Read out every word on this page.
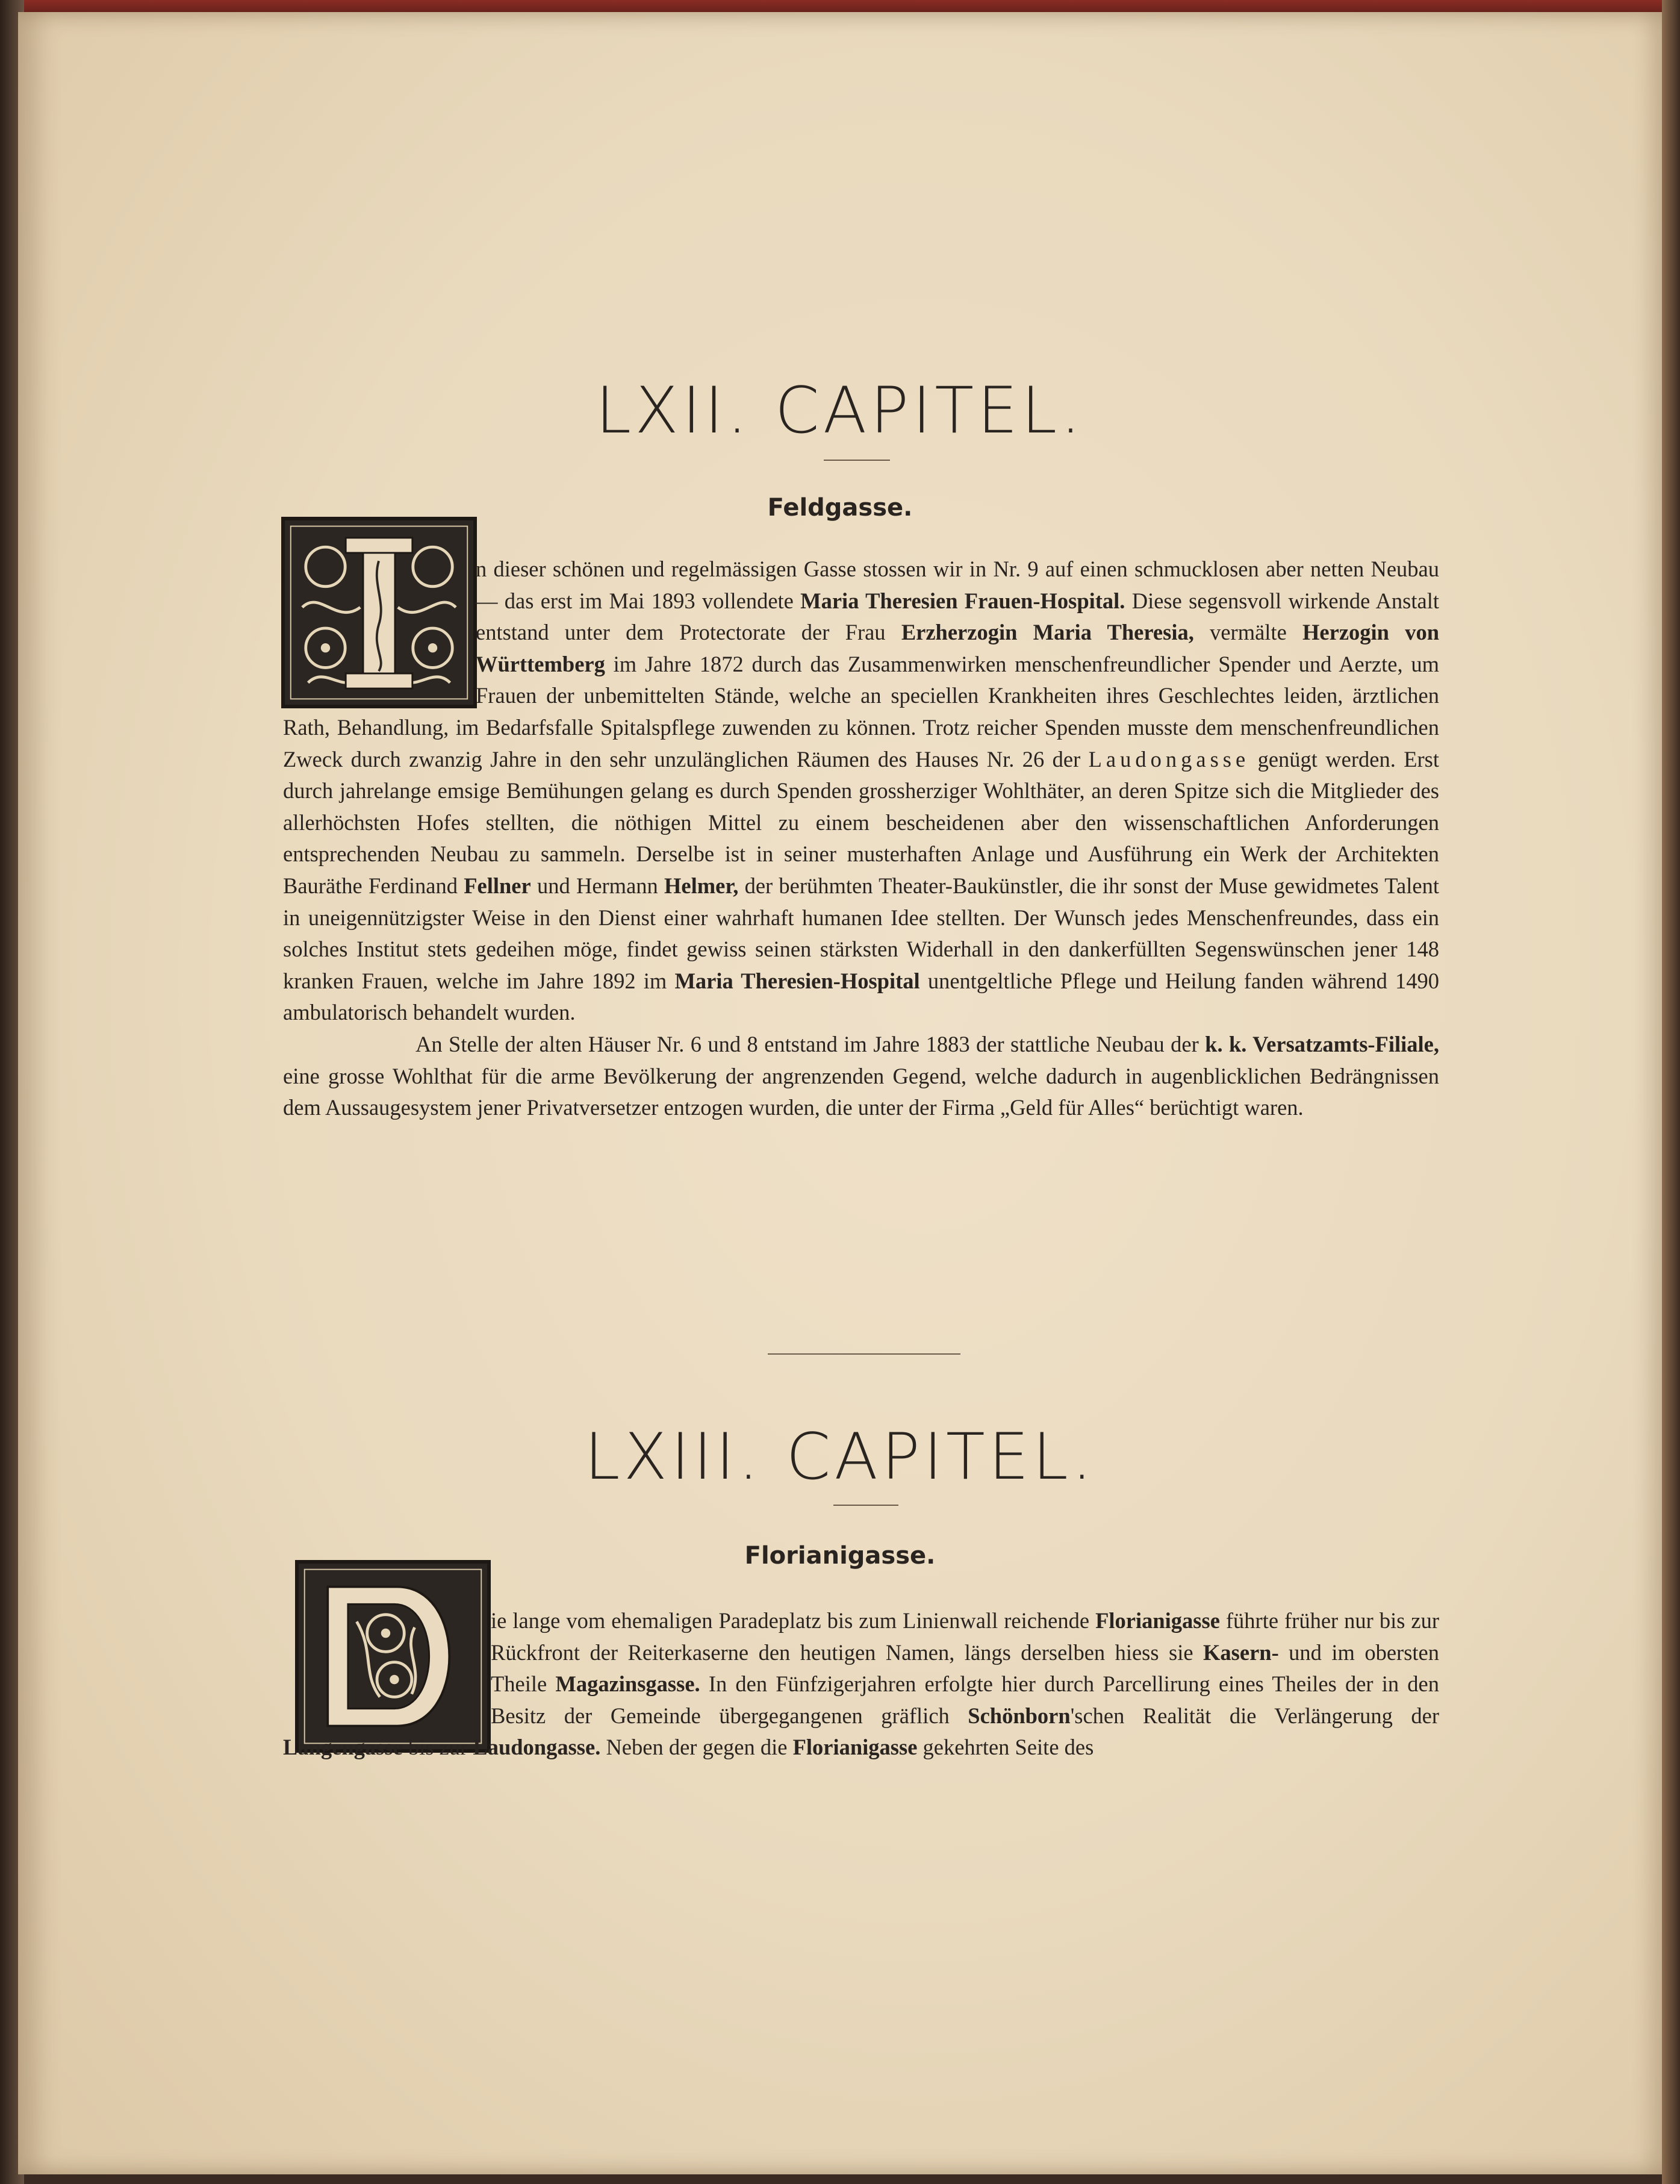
LXII. CAPITEL.
Feldgasse.

n dieser schönen und regelmässigen Gasse stossen wir in Nr. 9 auf einen schmucklosen aber netten Neubau — das erst im Mai 1893 vollendete Maria Theresien Frauen-Hospital. Diese segensvoll wirkende Anstalt entstand unter dem Protectorate der Frau Erzherzogin Maria Theresia, vermälte Herzogin von Württemberg im Jahre 1872 durch das Zusammenwirken menschenfreundlicher Spender und Aerzte, um Frauen der unbemittelten Stände, welche an speciellen Krankheiten ihres Geschlechtes leiden, ärztlichen Rath, Behandlung, im Bedarfsfalle Spitalspflege zuwenden zu können. Trotz reicher Spenden musste dem menschenfreundlichen Zweck durch zwanzig Jahre in den sehr unzulänglichen Räumen des Hauses Nr. 26 der Laudongasse genügt werden. Erst durch jahrelange emsige Bemühungen gelang es durch Spenden grossherziger Wohlthäter, an deren Spitze sich die Mitglieder des allerhöchsten Hofes stellten, die nöthigen Mittel zu einem bescheidenen aber den wissenschaftlichen Anforderungen entsprechenden Neubau zu sammeln. Derselbe ist in seiner musterhaften Anlage und Ausführung ein Werk der Architekten Bauräthe Ferdinand Fellner und Hermann Helmer, der berühmten Theater-Baukünstler, die ihr sonst der Muse gewidmetes Talent in uneigennützigster Weise in den Dienst einer wahrhaft humanen Idee stellten. Der Wunsch jedes Menschenfreundes, dass ein solches Institut stets gedeihen möge, findet gewiss seinen stärksten Widerhall in den dankerfüllten Segenswünschen jener 148 kranken Frauen, welche im Jahre 1892 im Maria Theresien-Hospital unentgeltliche Pflege und Heilung fanden während 1490 ambulatorisch behandelt wurden.

An Stelle der alten Häuser Nr. 6 und 8 entstand im Jahre 1883 der stattliche Neubau der k. k. Versatzamts-Filiale, eine grosse Wohlthat für die arme Bevölkerung der angrenzenden Gegend, welche dadurch in augenblicklichen Bedrängnissen dem Aussaugesystem jener Privatversetzer entzogen wurden, die unter der Firma „Geld für Alles“ berüchtigt waren.

LXIII. CAPITEL.
Florianigasse.

ie lange vom ehemaligen Paradeplatz bis zum Linienwall reichende Florianigasse führte früher nur bis zur Rückfront der Reiterkaserne den heutigen Namen, längs derselben hiess sie Kasern- und im obersten Theile Magazinsgasse. In den Fünfzigerjahren erfolgte hier durch Parcellirung eines Theiles der in den Besitz der Gemeinde übergegangenen gräflich Schönborn'schen Realität die Verlängerung der Langengasse bis zur Laudongasse. Neben der gegen die Florianigasse gekehrten Seite des
